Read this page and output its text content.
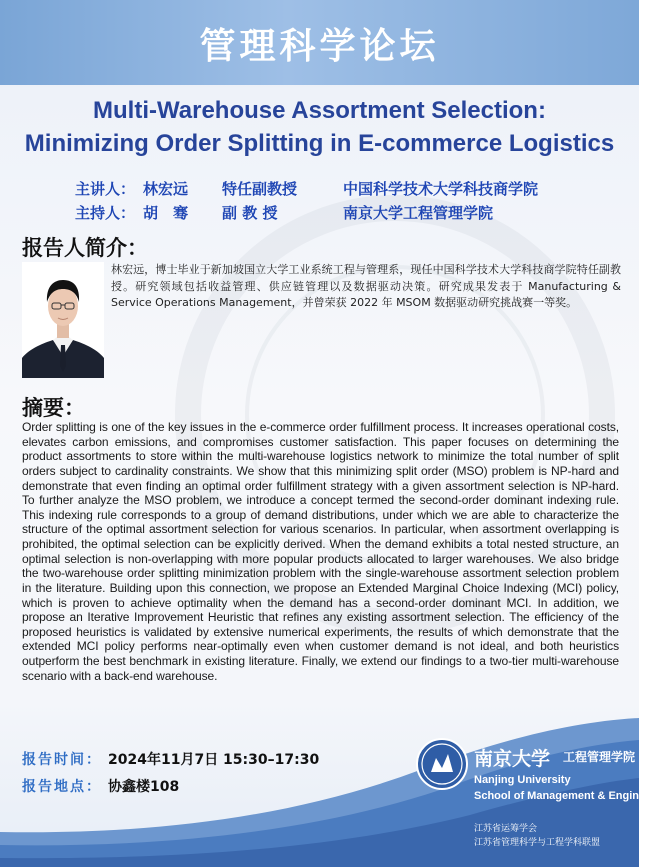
管理科学论坛
Multi-Warehouse Assortment Selection:
Minimizing Order Splitting in E-commerce Logistics
主讲人： 林宏远 特任副教授	中国科学技术大学科技商学院
主持人： 胡　骞 副 教 授	南京大学工程管理学院
报告人简介：
林宏远，博士毕业于新加坡国立大学工业系统工程与管理系，现任中国科学技术大学科技商学院特任副教授。研究领域包括收益管理、供应链管理以及数据驱动决策。研究成果发表于 Manufacturing & Service Operations Management，并曾荣获 2022 年 MSOM 数据驱动研究挑战赛一等奖。
摘要：
Order splitting is one of the key issues in the e-commerce order fulfillment process. It increases operational costs, elevates carbon emissions, and compromises customer satisfaction. This paper focuses on determining the product assortments to store within the multi-warehouse logistics network to minimize the total number of split orders subject to cardinality constraints. We show that this minimizing split order (MSO) problem is NP-hard and demonstrate that even finding an optimal order fulfillment strategy with a given assortment selection is NP-hard. To further analyze the MSO problem, we introduce a concept termed the second-order dominant indexing rule. This indexing rule corresponds to a group of demand distributions, under which we are able to characterize the structure of the optimal assortment selection for various scenarios. In particular, when assortment overlapping is prohibited, the optimal selection can be explicitly derived. When the demand exhibits a total nested structure, an optimal selection is non-overlapping with more popular products allocated to larger warehouses. We also bridge the two-warehouse order splitting minimization problem with the single-warehouse assortment selection problem in the literature. Building upon this connection, we propose an Extended Marginal Choice Indexing (MCI) policy, which is proven to achieve optimality when the demand has a second-order dominant MCI. In addition, we propose an Iterative Improvement Heuristic that refines any existing assortment selection. The efficiency of the proposed heuristics is validated by extensive numerical experiments, the results of which demonstrate that the extended MCI policy performs near-optimally even when customer demand is not ideal, and both heuristics outperform the best benchmark in existing literature. Finally, we extend our findings to a two-tier multi-warehouse scenario with a back-end warehouse.
报告时间： 2024年11月7日 15:30–17:30
报告地点： 协鑫楼108
南京大学 工程管理学院
Nanjing University
School of Management & Engineering
江苏省运筹学会
江苏省管理科学与工程学科联盟
